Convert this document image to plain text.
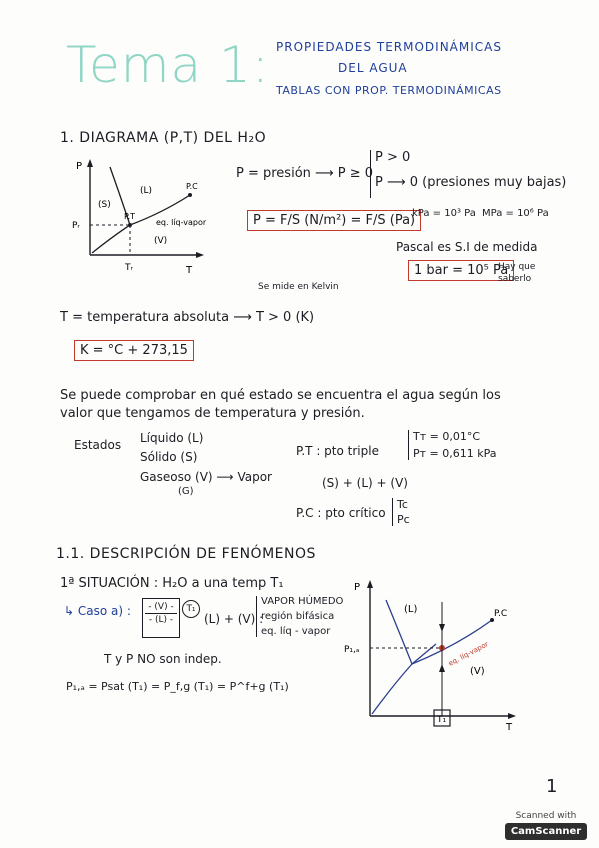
Tema 1: PROPIEDADES TERMODINÁMICAS
DEL AGUA
TABLAS CON PROP. TERMODINÁMICAS
1. DIAGRAMA (P,T) DEL H₂O
P
T
(S)
(L)
(V)
P.T
P.C
eq. líq-vapor
Pᵣ
Tᵣ
P = presión ⟶ P ≥ 0
P > 0
P ⟶ 0 (presiones muy bajas)
P = F/S (N/m²) = F/S (Pa)
kPa = 10³ Pa MPa = 10⁶ Pa
Pascal es S.I de medida
1 bar = 10⁵ Pa
Hay que
saberlo
Se mide en Kelvin
T = temperatura absoluta ⟶ T > 0 (K)
K = °C + 273,15
Se puede comprobar en qué estado se encuentra el agua según los
valor que tengamos de temperatura y presión.
Estados Líquido (L)
Sólido (S)
Gaseoso (V) ⟶ Vapor
(G)
P.T : pto triple
Tᴛ = 0,01°C
Pᴛ = 0,611 kPa
(S) + (L) + (V)
P.C : pto crítico
Tc
Pc
1.1. DESCRIPCIÓN DE FENÓMENOS
1ª SITUACIÓN : H₂O a una temp T₁
↳ Caso a) :	- (V) -
- (L) -
T₁
(L) + (V) :
VAPOR HÚMEDO
región bifásica
eq. líq - vapor
T y P NO son indep.
P₁,ₐ = Psat (T₁) = P_f,g (T₁) = P^f+g (T₁)
P
T
(L)
(V)
P.C
P₁,ₐ	eq. líq-vapor
T₁
1
Scanned with
CamScanner
